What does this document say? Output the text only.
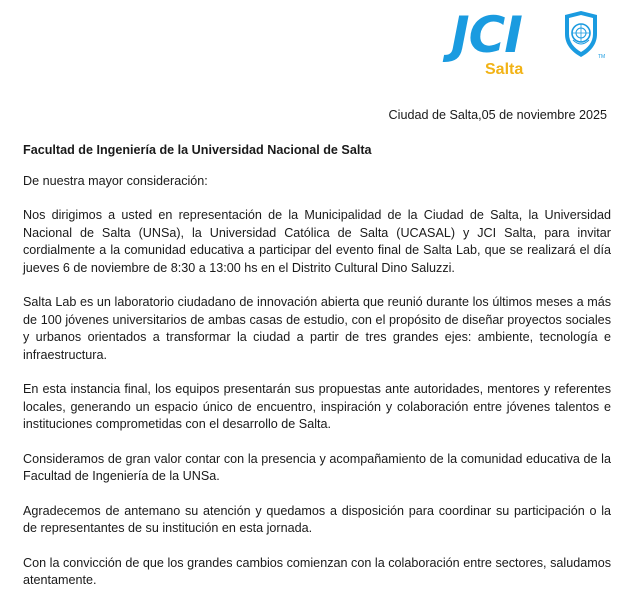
JCI	TM
Salta
Ciudad de Salta,05 de noviembre 2025
Facultad de Ingeniería de la Universidad Nacional de Salta
De nuestra mayor consideración:

Nos dirigimos a usted en representación de la Municipalidad de la Ciudad de Salta, la Universidad Nacional de Salta (UNSa), la Universidad Católica de Salta (UCASAL) y JCI Salta, para invitar cordialmente a la comunidad educativa a participar del evento final de Salta Lab, que se realizará el día jueves 6 de noviembre de 8:30 a 13:00 hs en el Distrito Cultural Dino Saluzzi.

Salta Lab es un laboratorio ciudadano de innovación abierta que reunió durante los últimos meses a más de 100 jóvenes universitarios de ambas casas de estudio, con el propósito de diseñar proyectos sociales y urbanos orientados a transformar la ciudad a partir de tres grandes ejes: ambiente, tecnología e infraestructura.

En esta instancia final, los equipos presentarán sus propuestas ante autoridades, mentores y referentes locales, generando un espacio único de encuentro, inspiración y colaboración entre jóvenes talentos e instituciones comprometidas con el desarrollo de Salta.

Consideramos de gran valor contar con la presencia y acompañamiento de la comunidad educativa de la Facultad de Ingeniería de la UNSa.

Agradecemos de antemano su atención y quedamos a disposición para coordinar su participación o la de representantes de su institución en esta jornada.

Con la convicción de que los grandes cambios comienzan con la colaboración entre sectores, saludamos atentamente.
